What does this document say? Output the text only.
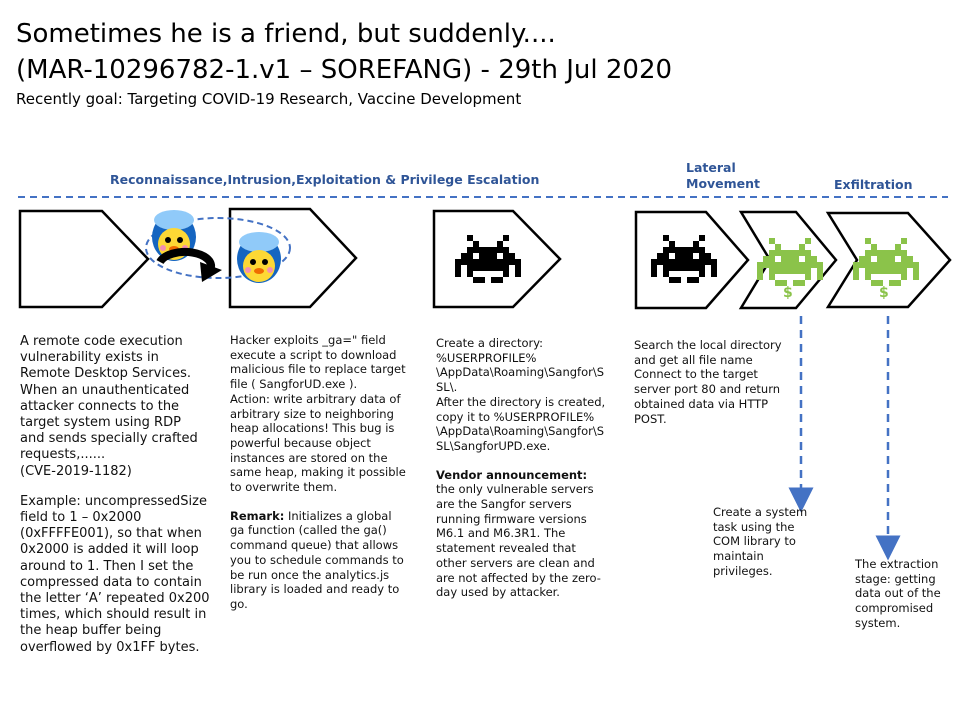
Sometimes he is a friend, but suddenly....
(MAR-10296782-1.v1 – SOREFANG) - 29th Jul 2020
Recently goal: Targeting COVID-19 Research, Vaccine Development
$	$
Reconnaissance,Intrusion,Exploitation & Privilege Escalation
Lateral
Movement	Exfiltration

A remote code execution
vulnerability exists in
Remote Desktop Services.
When an unauthenticated
attacker connects to the
target system using RDP
and sends specially crafted
requests,......
(CVE-2019-1182)

Example: uncompressedSize
field to 1 – 0x2000
(0xFFFFE001), so that when
0x2000 is added it will loop
around to 1. Then I set the
compressed data to contain
the letter ‘A’ repeated 0x200
times, which should result in
the heap buffer being
overflowed by 0x1FF bytes.

Hacker exploits _ga=" field
execute a script to download
malicious file to replace target
file ( SangforUD.exe ).
Action: write arbitrary data of
arbitrary size to neighboring
heap allocations! This bug is
powerful because object
instances are stored on the
same heap, making it possible
to overwrite them.

Remark: Initializes a global
ga function (called the ga()
command queue) that allows
you to schedule commands to
be run once the analytics.js
library is loaded and ready to
go.

Create a directory:
%USERPROFILE%
\AppData\Roaming\Sangfor\S
SL\.
After the directory is created,
copy it to %USERPROFILE%
\AppData\Roaming\Sangfor\S
SL\SangforUPD.exe.

Vendor announcement:
the only vulnerable servers
are the Sangfor servers
running firmware versions
M6.1 and M6.3R1. The
statement revealed that
other servers are clean and
are not affected by the zero-
day used by attacker.

Search the local directory
and get all file name
Connect to the target
server port 80 and return
obtained data via HTTP
POST.

Create a system
task using the
COM library to
maintain
privileges.	The extraction
stage: getting
data out of the
compromised
system.
